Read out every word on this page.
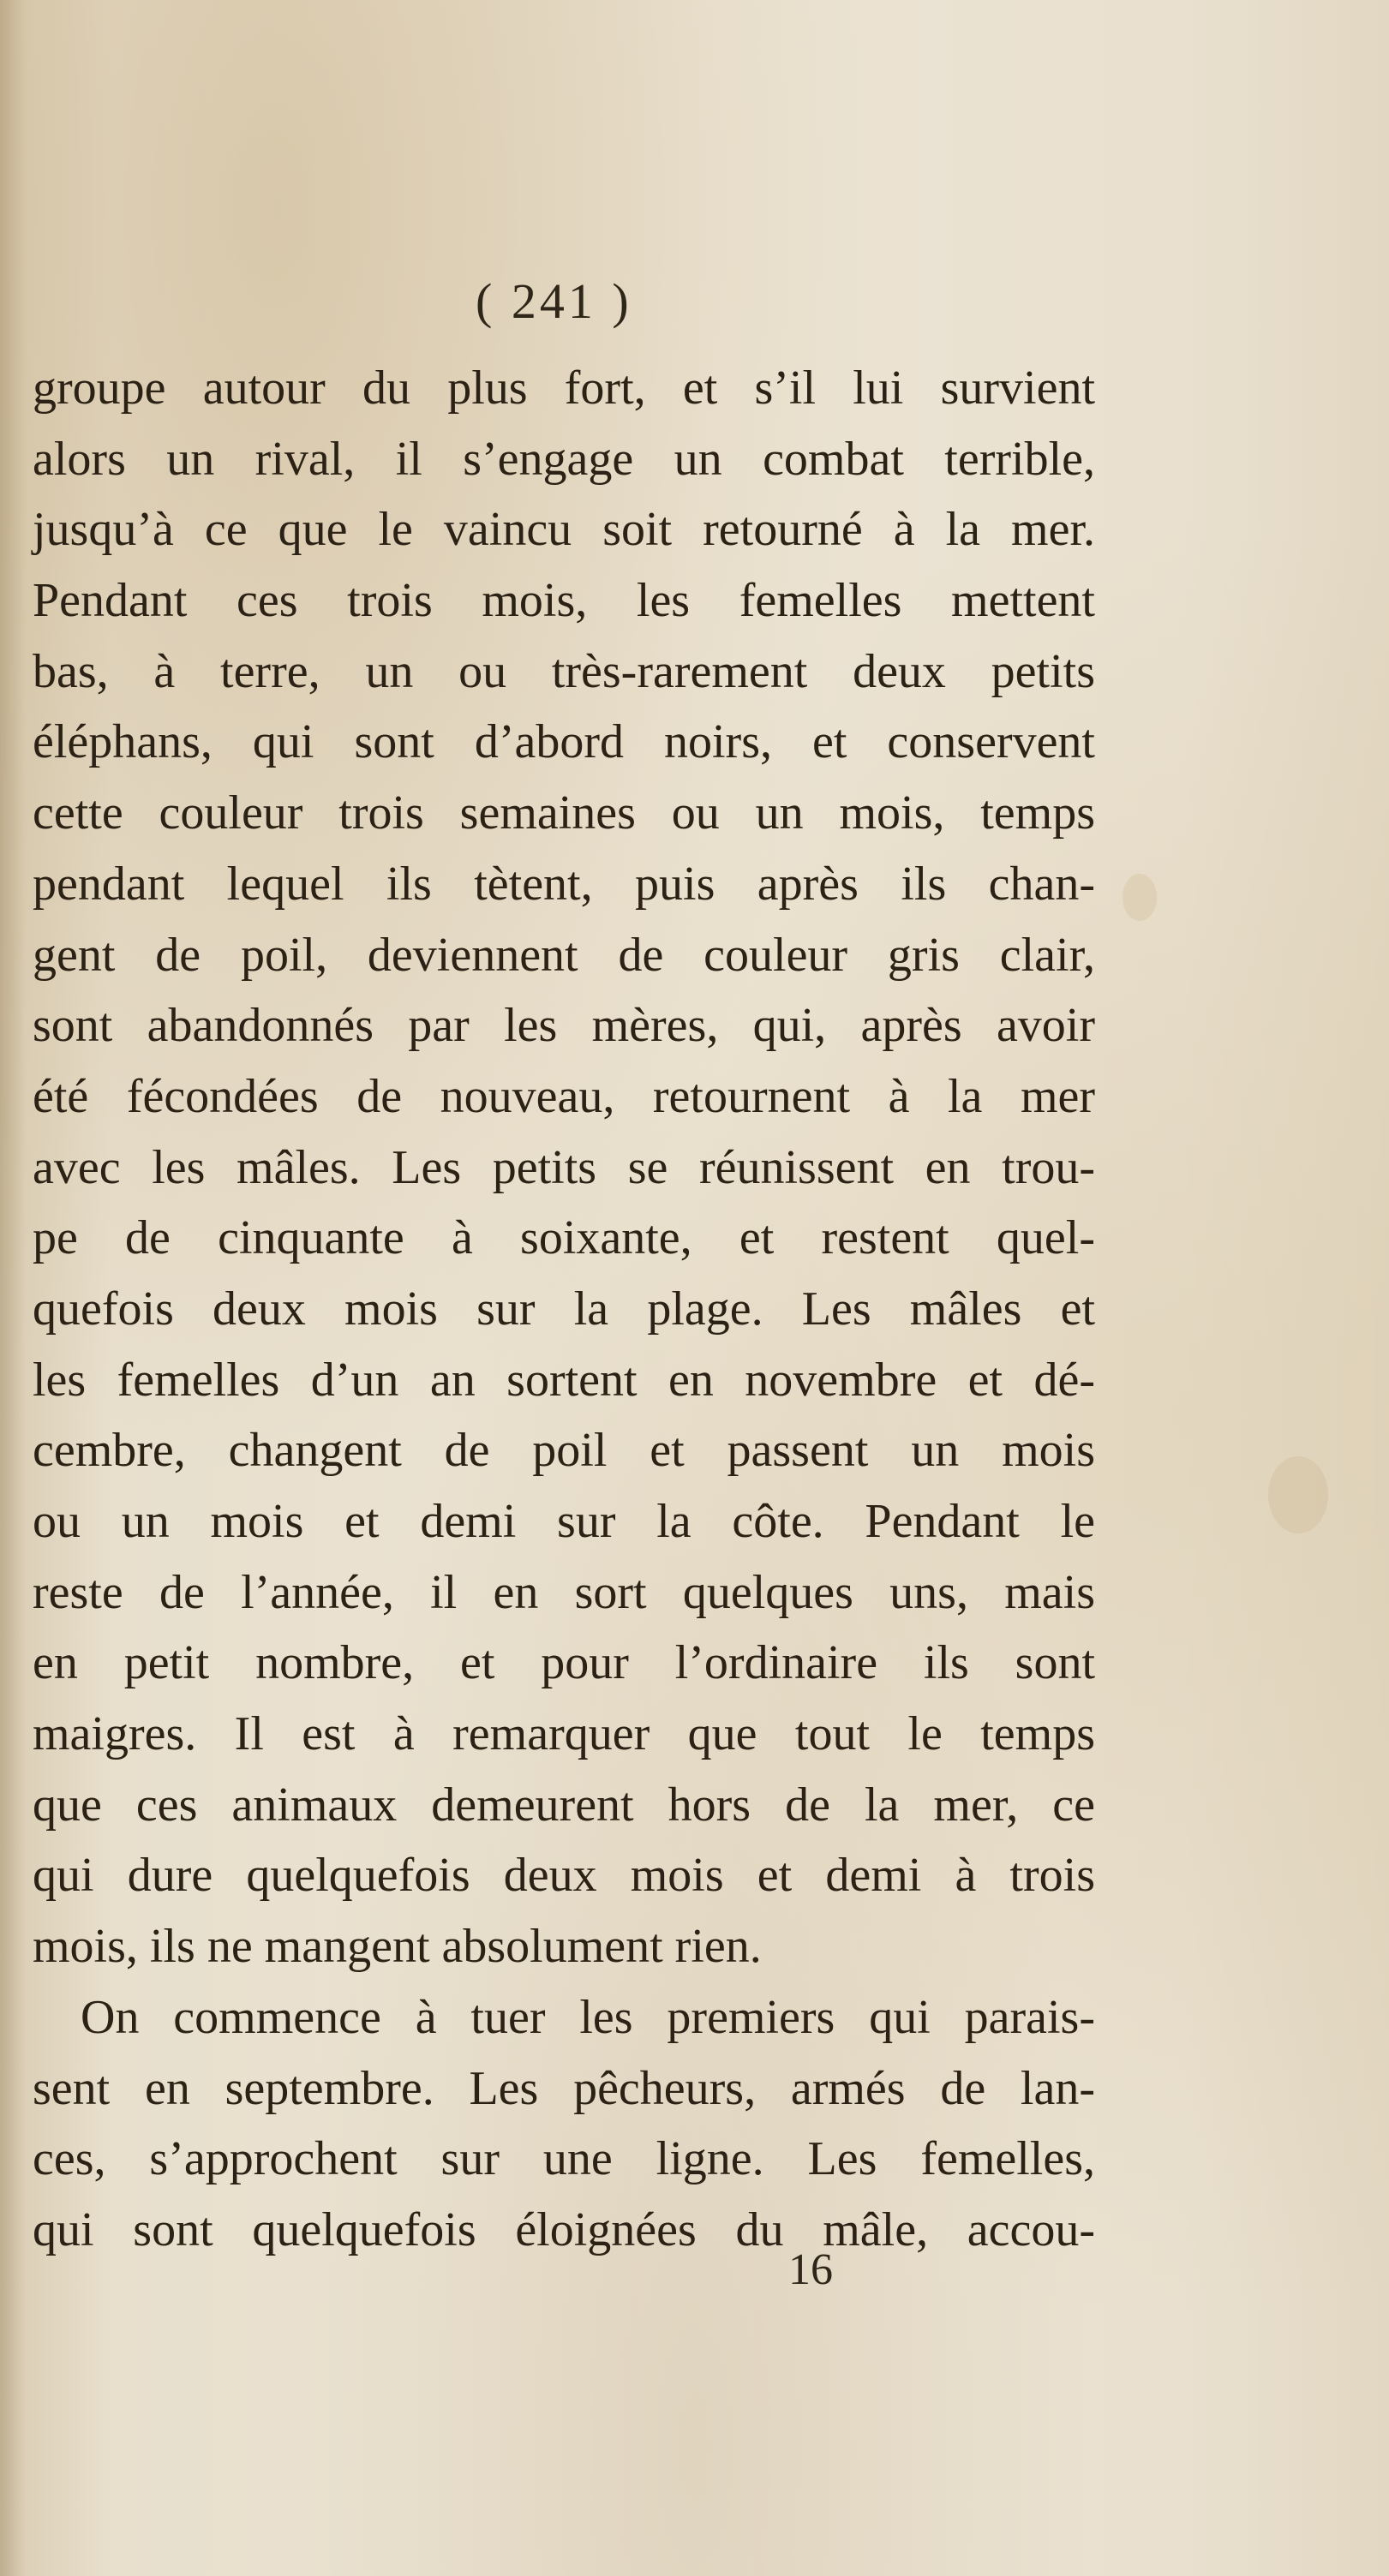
( 241 )
groupe autour du plus fort, et s’il lui survient
alors un rival, il s’engage un combat terrible,
jusqu’à ce que le vaincu soit retourné à la mer.
Pendant ces trois mois, les femelles mettent
bas, à terre, un ou très-rarement deux petits
éléphans, qui sont d’abord noirs, et conservent
cette couleur trois semaines ou un mois, temps
pendant lequel ils tètent, puis après ils chan-
gent de poil, deviennent de couleur gris clair,
sont abandonnés par les mères, qui, après avoir
été fécondées de nouveau, retournent à la mer
avec les mâles. Les petits se réunissent en trou-
pe de cinquante à soixante, et restent quel-
quefois deux mois sur la plage. Les mâles et
les femelles d’un an sortent en novembre et dé-
cembre, changent de poil et passent un mois
ou un mois et demi sur la côte. Pendant le
reste de l’année, il en sort quelques uns, mais
en petit nombre, et pour l’ordinaire ils sont
maigres. Il est à remarquer que tout le temps
que ces animaux demeurent hors de la mer, ce
qui dure quelquefois deux mois et demi à trois
mois, ils ne mangent absolument rien.
On commence à tuer les premiers qui parais-
sent en septembre. Les pêcheurs, armés de lan-
ces, s’approchent sur une ligne. Les femelles,
qui sont quelquefois éloignées du mâle, accou-
16
